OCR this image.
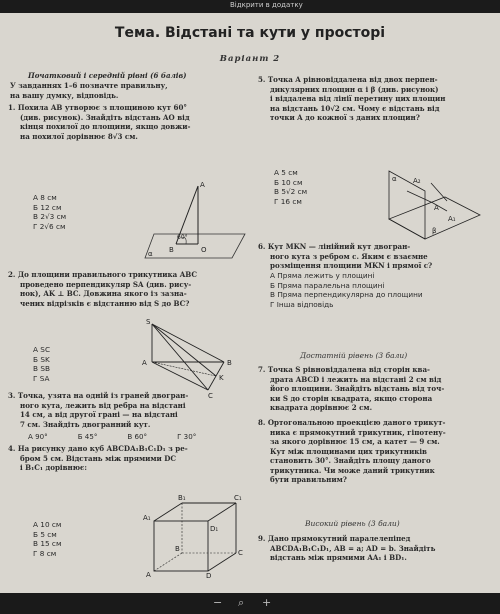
Відкрити в додатку
Тема. Відстані та кути у просторі
Варіант 2
Початковий і середній рівні (6 балів)
У завданнях 1–6 позначте правильну,
на вашу думку, відповідь.
1. Похила AB утворює з площиною кут 60°
(див. рисунок). Знайдіть відстань AO від
кінця похилої до площини, якщо довжи-
на похилої дорівнює 8√3 см.
А 8 см
Б 12 см
В 2√3 см
Г 2√6 см
A
B	O
α
60°
2. До площини правильного трикутника ABC
проведено перпендикуляр SA (див. рису-
нок), AK ⊥ BC. Довжина якого із зазна-
чених відрізків є відстанню від S до BC?
А SC
Б SK
В SB
Г SA
S
A	B
K
C
3. Точка, узята на одній із граней двогран-
ного кута, лежить від ребра на відстані
14 см, а від другої грані — на відстані
7 см. Знайдіть двогранний кут.
А 90°	Б 45°	В 60°	Г 30°
4. На рисунку дано куб ABCDA₁B₁C₁D₁ з ре-
бром 5 см. Відстань між прямими DC
і B₁C₁ дорівнює:
А 10 см
Б 5 см
В 15 см
Г 8 см
B₁	C₁
A₁
D₁
B	C
A	D
5. Точка A рівновіддалена від двох перпен-
дикулярних площин α і β (див. рисунок)
і віддалена від лінії перетину цих площин
на відстань 10√2 см. Чому є відстань від
точки A до кожної з даних площин?
А 5 см
Б 10 см
В 5√2 см
Г 16 см
α
β
A
A₁
A₂
6. Кут MKN — лінійний кут двогран-
ного кута з ребром c. Яким є взаємне
розміщення площини MKN і прямої c?
А Пряма лежить у площині
Б Пряма паралельна площині
В Пряма перпендикулярна до площини
Г Інша відповідь
Достатній рівень (3 бали)
7. Точка S рівновіддалена від сторін ква-
драта ABCD і лежить на відстані 2 см від
його площини. Знайдіть відстань від точ-
ки S до сторін квадрата, якщо сторона
квадрата дорівнює 2 см.
8. Ортогональною проекцією даного трикут-
ника є прямокутний трикутник, гіпотену-
за якого дорівнює 15 см, а катет — 9 см.
Кут між площинами цих трикутників
становить 30°. Знайдіть площу даного
трикутника. Чи може даний трикутник
бути правильним?
Високий рівень (3 бали)
9. Дано прямокутний паралелепіпед
ABCDA₁B₁C₁D₁, AB = a; AD = b. Знайдіть
відстань між прямими AA₁ і BD₁.
− ⌕ +
